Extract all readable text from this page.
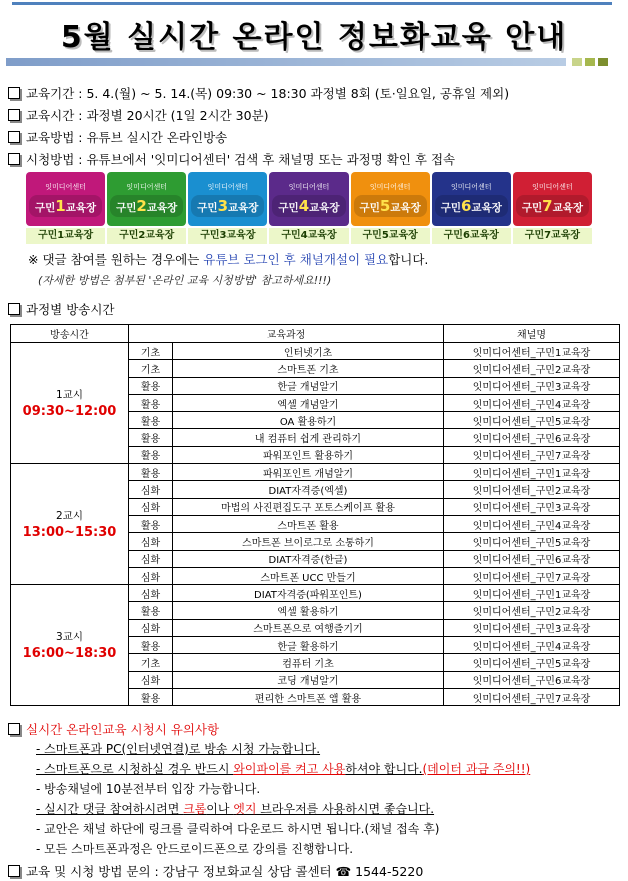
5월 실시간 온라인 정보화교육 안내
교육기간 : 5. 4.(월) ~ 5. 14.(목) 09:30 ~ 18:30 과정별 8회 (토·일요일, 공휴일 제외)
교육시간 : 과정별 20시간 (1일 2시간 30분)
교육방법 : 유튜브 실시간 온라인방송
시청방법 : 유튜브에서 '잇미디어센터' 검색 후 채널명 또는 과정명 확인 후 접속
잇미디어센터
구민1교육장
구민1교육장
잇미디어센터
구민2교육장
구민2교육장
잇미디어센터
구민3교육장
구민3교육장
잇미디어센터
구민4교육장
구민4교육장
잇미디어센터
구민5교육장
구민5교육장
잇미디어센터
구민6교육장
구민6교육장
잇미디어센터
구민7교육장
구민7교육장
※ 댓글 참여를 원하는 경우에는 유튜브 로그인 후 채널개설이 필요합니다.
(자세한 방법은 첨부된 '온라인 교육 시청방법' 참고하세요!!!)
과정별 방송시간
방송시간	교육과정		채널명
1교시
09:30~12:00	기초	인터넷기초	잇미디어센터_구민1교육장
	기초	스마트폰 기초	잇미디어센터_구민2교육장
	활용	한글 개념알기	잇미디어센터_구민3교육장
	활용	엑셀 개념알기	잇미디어센터_구민4교육장
	활용	OA 활용하기	잇미디어센터_구민5교육장
	활용	내 컴퓨터 쉽게 관리하기	잇미디어센터_구민6교육장
	활용	파워포인트 활용하기	잇미디어센터_구민7교육장
2교시
13:00~15:30	활용	파워포인트 개념알기	잇미디어센터_구민1교육장
	심화	DIAT자격증(엑셀)	잇미디어센터_구민2교육장
	심화	마법의 사진편집도구 포토스케이프 활용	잇미디어센터_구민3교육장
	활용	스마트폰 활용	잇미디어센터_구민4교육장
	심화	스마트폰 브이로그로 소통하기	잇미디어센터_구민5교육장
	심화	DIAT자격증(한글)	잇미디어센터_구민6교육장
	심화	스마트폰 UCC 만들기	잇미디어센터_구민7교육장
3교시
16:00~18:30	심화	DIAT자격증(파워포인트)	잇미디어센터_구민1교육장
	활용	엑셀 활용하기	잇미디어센터_구민2교육장
	심화	스마트폰으로 여행즐기기	잇미디어센터_구민3교육장
	활용	한글 활용하기	잇미디어센터_구민4교육장
	기초	컴퓨터 기초	잇미디어센터_구민5교육장
	심화	코딩 개념알기	잇미디어센터_구민6교육장
	활용	편리한 스마트폰 앱 활용	잇미디어센터_구민7교육장
실시간 온라인교육 시청시 유의사항
- 스마트폰과 PC(인터넷연결)로 방송 시청 가능합니다.
- 스마트폰으로 시청하실 경우 반드시 와이파이를 켜고 사용하셔야 합니다.(데이터 과금 주의!!)
- 방송채널에 10분전부터 입장 가능합니다.
- 실시간 댓글 참여하시려면 크롬이나 엣지 브라우저를 사용하시면 좋습니다.
- 교안은 채널 하단에 링크를 클릭하여 다운로드 하시면 됩니다.(채널 접속 후)
- 모든 스마트폰과정은 안드로이드폰으로 강의를 진행합니다.
교육 및 시청 방법 문의 : 강남구 정보화교실 상담 콜센터 ☎ 1544-5220
